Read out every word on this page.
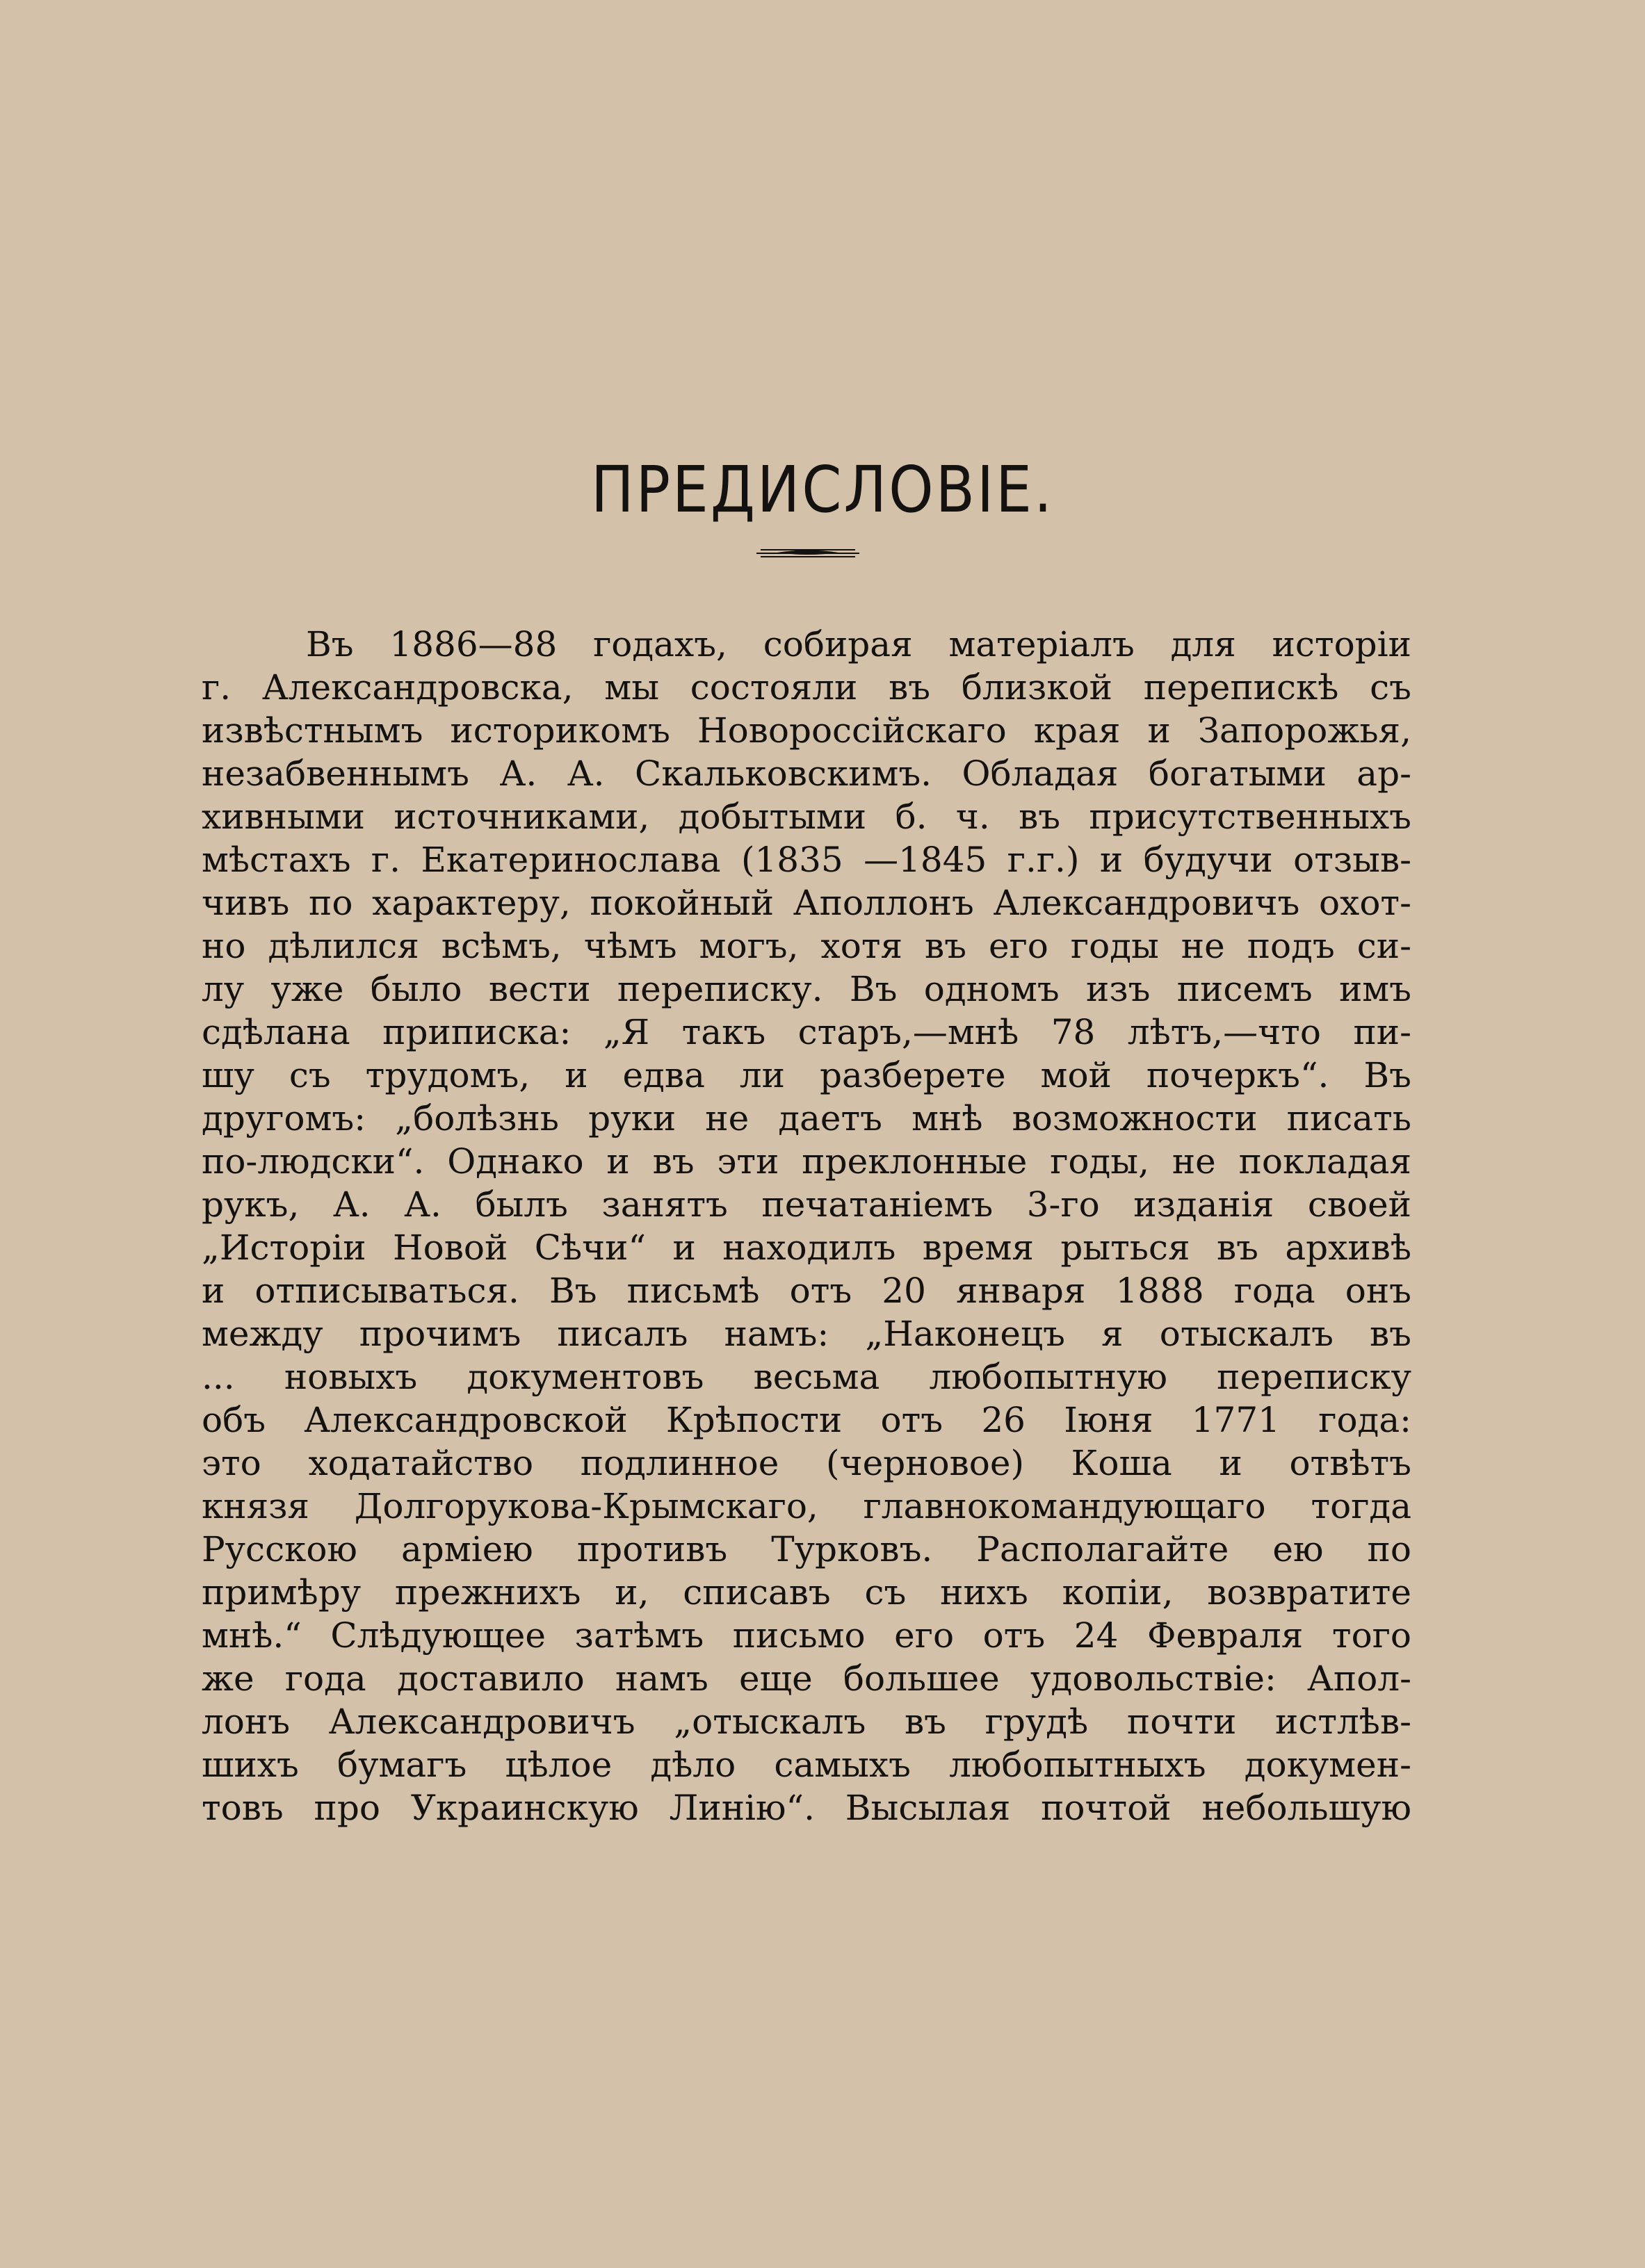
ПРЕДИСЛОВІЕ.
Въ 1886—88 годахъ, собирая матеріалъ для исторіи
г. Александровска, мы состояли въ близкой перепискѣ съ
извѣстнымъ историкомъ Новороссійскаго края и Запорожья,
незабвеннымъ А. А. Скальковскимъ. Обладая богатыми ар-
хивными источниками, добытыми б. ч. въ присутственныхъ
мѣстахъ г. Екатеринослава (1835 —1845 г.г.) и будучи отзыв-
чивъ по характеру, покойный Аполлонъ Александровичъ охот-
но дѣлился всѣмъ, чѣмъ могъ, хотя въ его годы не подъ си-
лу уже было вести переписку. Въ одномъ изъ писемъ имъ
сдѣлана приписка: „Я такъ старъ,—мнѣ 78 лѣтъ,—что пи-
шу съ трудомъ, и едва ли разберете мой почеркъ“. Въ
другомъ: „болѣзнь руки не даетъ мнѣ возможности писать
по-людски“. Однако и въ эти преклонные годы, не покладая
рукъ, А. А. былъ занятъ печатаніемъ 3-го изданія своей
„Исторіи Новой Сѣчи“ и находилъ время рыться въ архивѣ
и отписываться. Въ письмѣ отъ 20 января 1888 года онъ
между прочимъ писалъ намъ: „Наконецъ я отыскалъ въ
... новыхъ документовъ весьма любопытную переписку
объ Александровской Крѣпости отъ 26 Іюня 1771 года:
это ходатайство подлинное (черновое) Коша и отвѣтъ
князя Долгорукова-Крымскаго, главнокомандующаго тогда
Русскою арміею противъ Турковъ. Располагайте ею по
примѣру прежнихъ и, списавъ съ нихъ копіи, возвратите
мнѣ.“ Слѣдующее затѣмъ письмо его отъ 24 Февраля того
же года доставило намъ еще большее удовольствіе: Апол-
лонъ Александровичъ „отыскалъ въ грудѣ почти истлѣв-
шихъ бумагъ цѣлое дѣло самыхъ любопытныхъ докумен-
товъ про Украинскую Линію“. Высылая почтой небольшую
